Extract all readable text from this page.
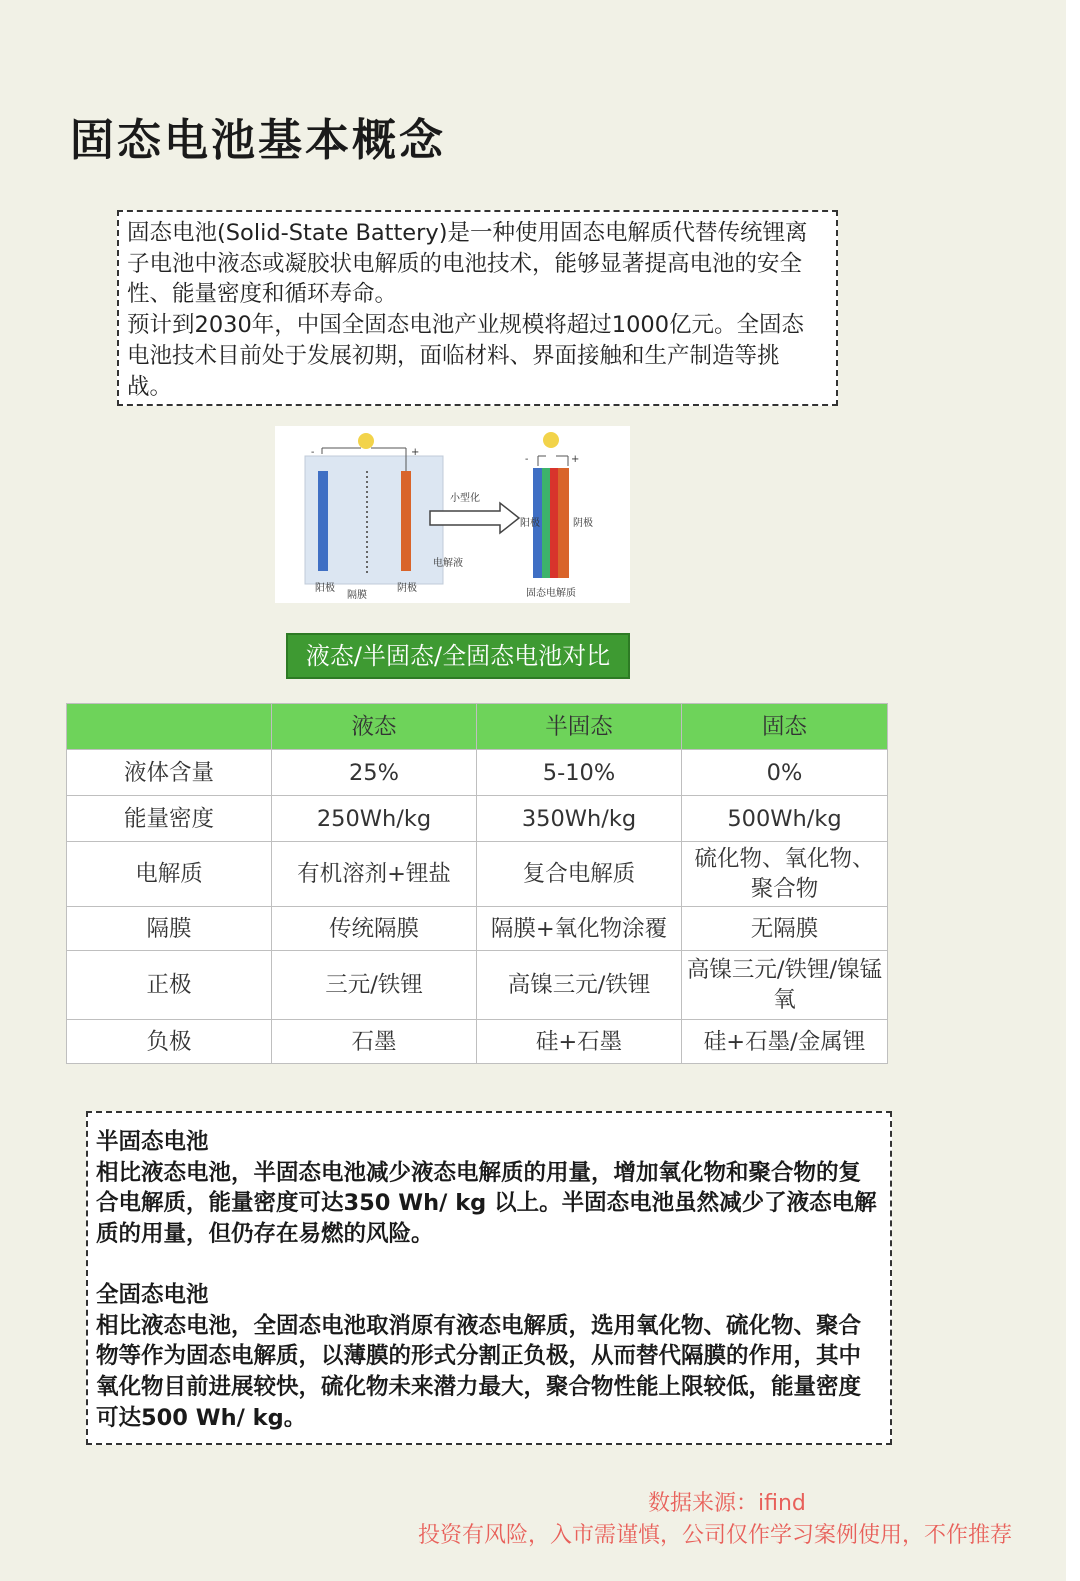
固态电池基本概念

固态电池(Solid-State Battery)是一种使用固态电解质代替传统锂离子电池中液态或凝胶状电解质的电池技术，能够显著提高电池的安全性、能量密度和循环寿命。

预计到2030年，中国全固态电池产业规模将超过1000亿元。全固态电池技术目前处于发展初期，面临材料、界面接触和生产制造等挑战。

-	+
阳极
隔膜
阴极
电解液
小型化
-	+
阳极	阴极
固态电解质
液态/半固态/全固态电池对比
	液态	半固态	固态
液体含量	25%	5-10%	0%
能量密度	250Wh/kg	350Wh/kg	500Wh/kg
电解质	有机溶剂+锂盐	复合电解质	硫化物、氧化物、聚合物
隔膜	传统隔膜	隔膜+氧化物涂覆	无隔膜
正极	三元/铁锂	高镍三元/铁锂	高镍三元/铁锂/镍锰氧
负极	石墨	硅+石墨	硅+石墨/金属锂

半固态电池

相比液态电池，半固态电池减少液态电解质的用量，增加氧化物和聚合物的复合电解质，能量密度可达350 Wh/ kg 以上。半固态电池虽然减少了液态电解质的用量，但仍存在易燃的风险。

全固态电池

相比液态电池，全固态电池取消原有液态电解质，选用氧化物、硫化物、聚合物等作为固态电解质，以薄膜的形式分割正负极，从而替代隔膜的作用，其中氧化物目前进展较快，硫化物未来潜力最大，聚合物性能上限较低，能量密度可达500 Wh/ kg。

数据来源：ifind
投资有风险，入市需谨慎，公司仅作学习案例使用，不作推荐
